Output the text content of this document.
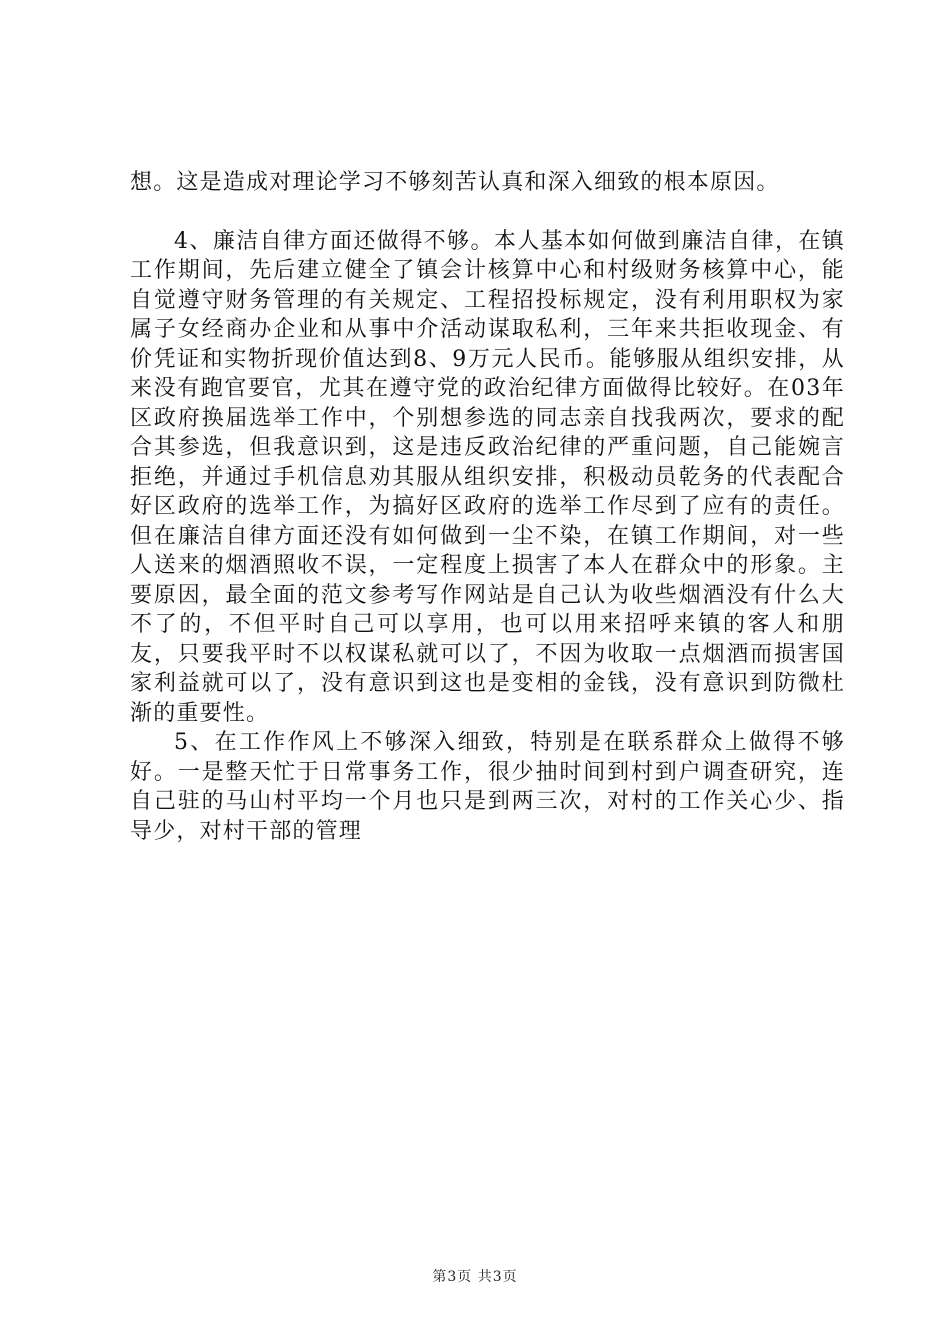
想。这是造成对理论学习不够刻苦认真和深入细致的根本原因。

4、廉洁自律方面还做得不够。本人基本如何做到廉洁自律，在镇工作期间，先后建立健全了镇会计核算中心和村级财务核算中心，能自觉遵守财务管理的有关规定、工程招投标规定，没有利用职权为家属子女经商办企业和从事中介活动谋取私利，三年来共拒收现金、有价凭证和实物折现价值达到8、9万元人民币。能够服从组织安排，从来没有跑官要官，尤其在遵守党的政治纪律方面做得比较好。在03年区政府换届选举工作中，个别想参选的同志亲自找我两次，要求的配合其参选，但我意识到，这是违反政治纪律的严重问题，自己能婉言拒绝，并通过手机信息劝其服从组织安排，积极动员乾务的代表配合好区政府的选举工作，为搞好区政府的选举工作尽到了应有的责任。但在廉洁自律方面还没有如何做到一尘不染，在镇工作期间，对一些人送来的烟酒照收不误，一定程度上损害了本人在群众中的形象。主要原因，最全面的范文参考写作网站是自己认为收些烟酒没有什么大不了的，不但平时自己可以享用，也可以用来招呼来镇的客人和朋友，只要我平时不以权谋私就可以了，不因为收取一点烟酒而损害国家利益就可以了，没有意识到这也是变相的金钱，没有意识到防微杜渐的重要性。

5、在工作作风上不够深入细致，特别是在联系群众上做得不够好。一是整天忙于日常事务工作，很少抽时间到村到户调查研究，连自己驻的马山村平均一个月也只是到两三次，对村的工作关心少、指导少，对村干部的管理

第3页 共3页
